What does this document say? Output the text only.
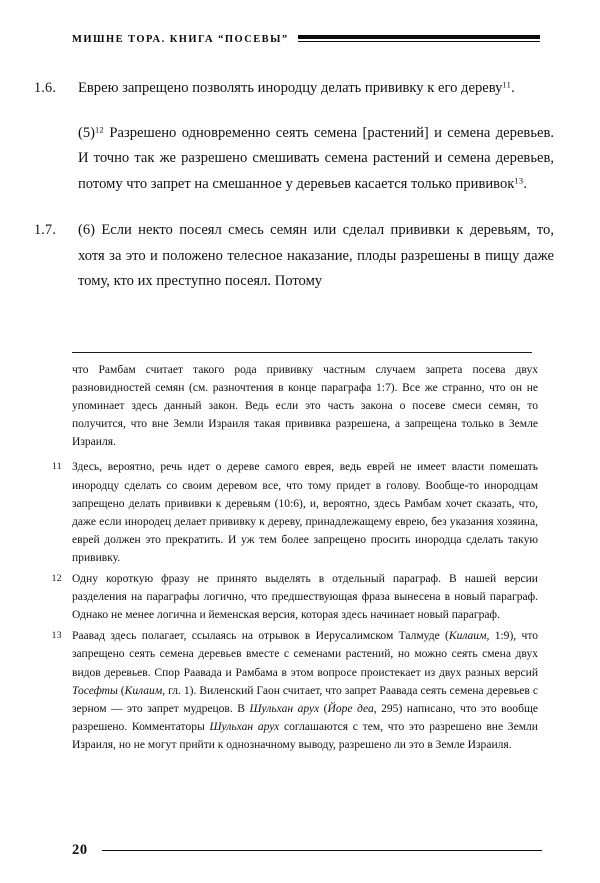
МИШНЕ ТОРА. КНИГА “ПОСЕВЫ”
1.6.	Еврею запрещено позволять инородцу делать прививку к его дереву$^{11}$.

(5)$^{12}$ Разрешено одновременно сеять семена [растений] и семена деревьев. И точно так же разрешено смешивать семена растений и семена деревьев, потому что запрет на смешанное у деревьев касается только прививок$^{13}$.

1.7.	(6) Если некто посеял смесь семян или сделал прививки к деревьям, то, хотя за это и положено телесное наказание, плоды разрешены в пищу даже тому, кто их преступно посеял. Потому

что Рамбам считает такого рода прививку частным случаем запрета посева двух разновидностей семян (см. разночтения в конце параграфа 1:7). Все же странно, что он не упоминает здесь данный закон. Ведь если это часть закона о посеве смеси семян, то получится, что вне Земли Израиля такая прививка разрешена, а запрещена только в Земле Израиля.
11 Здесь, вероятно, речь идет о дереве самого еврея, ведь еврей не имеет власти помешать инородцу сделать со своим деревом все, что тому придет в голову. Вообще-то инородцам запрещено делать прививки к деревьям (10:6), и, вероятно, здесь Рамбам хочет сказать, что, даже если инородец делает прививку к дереву, принадлежащему еврею, без указания хозяина, еврей должен это прекратить. И уж тем более запрещено просить инородца сделать такую прививку.
12 Одну короткую фразу не принято выделять в отдельный параграф. В нашей версии разделения на параграфы логично, что предшествующая фраза вынесена в новый параграф. Однако не менее логична и йеменская версия, которая здесь начинает новый параграф.
13 Раавад здесь полагает, ссылаясь на отрывок в Иерусалимском Талмуде (Килаим, 1:9), что запрещено сеять семена деревьев вместе с семенами растений, но можно сеять смена двух видов деревьев. Спор Раавада и Рамбама в этом вопросе проистекает из двух разных версий Тосефты (Килаим, гл. 1). Виленский Гаон считает, что запрет Раавада сеять семена деревьев с зерном — это запрет мудрецов. В Шульхан арух (Йоре деа, 295) написано, что это вообще разрешено. Комментаторы Шульхан арух соглашаются с тем, что это разрешено вне Земли Израиля, но не могут прийти к однозначному выводу, разрешено ли это в Земле Израиля.
20
